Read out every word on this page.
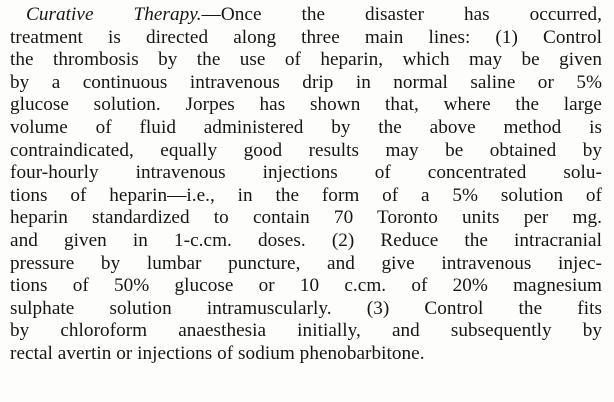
Curative Therapy.—Once the disaster has occurred,
treatment is directed along three main lines: (1) Control
the thrombosis by the use of heparin, which may be given
by a continuous intravenous drip in normal saline or 5%
glucose solution. Jorpes has shown that, where the large
volume of fluid administered by the above method is
contraindicated, equally good results may be obtained by
four-hourly intravenous injections of concentrated solu-
tions of heparin—i.e., in the form of a 5% solution of
heparin standardized to contain 70 Toronto units per mg.
and given in 1-c.cm. doses. (2) Reduce the intracranial
pressure by lumbar puncture, and give intravenous injec-
tions of 50% glucose or 10 c.cm. of 20% magnesium
sulphate solution intramuscularly. (3) Control the fits
by chloroform anaesthesia initially, and subsequently by
rectal avertin or injections of sodium phenobarbitone.
